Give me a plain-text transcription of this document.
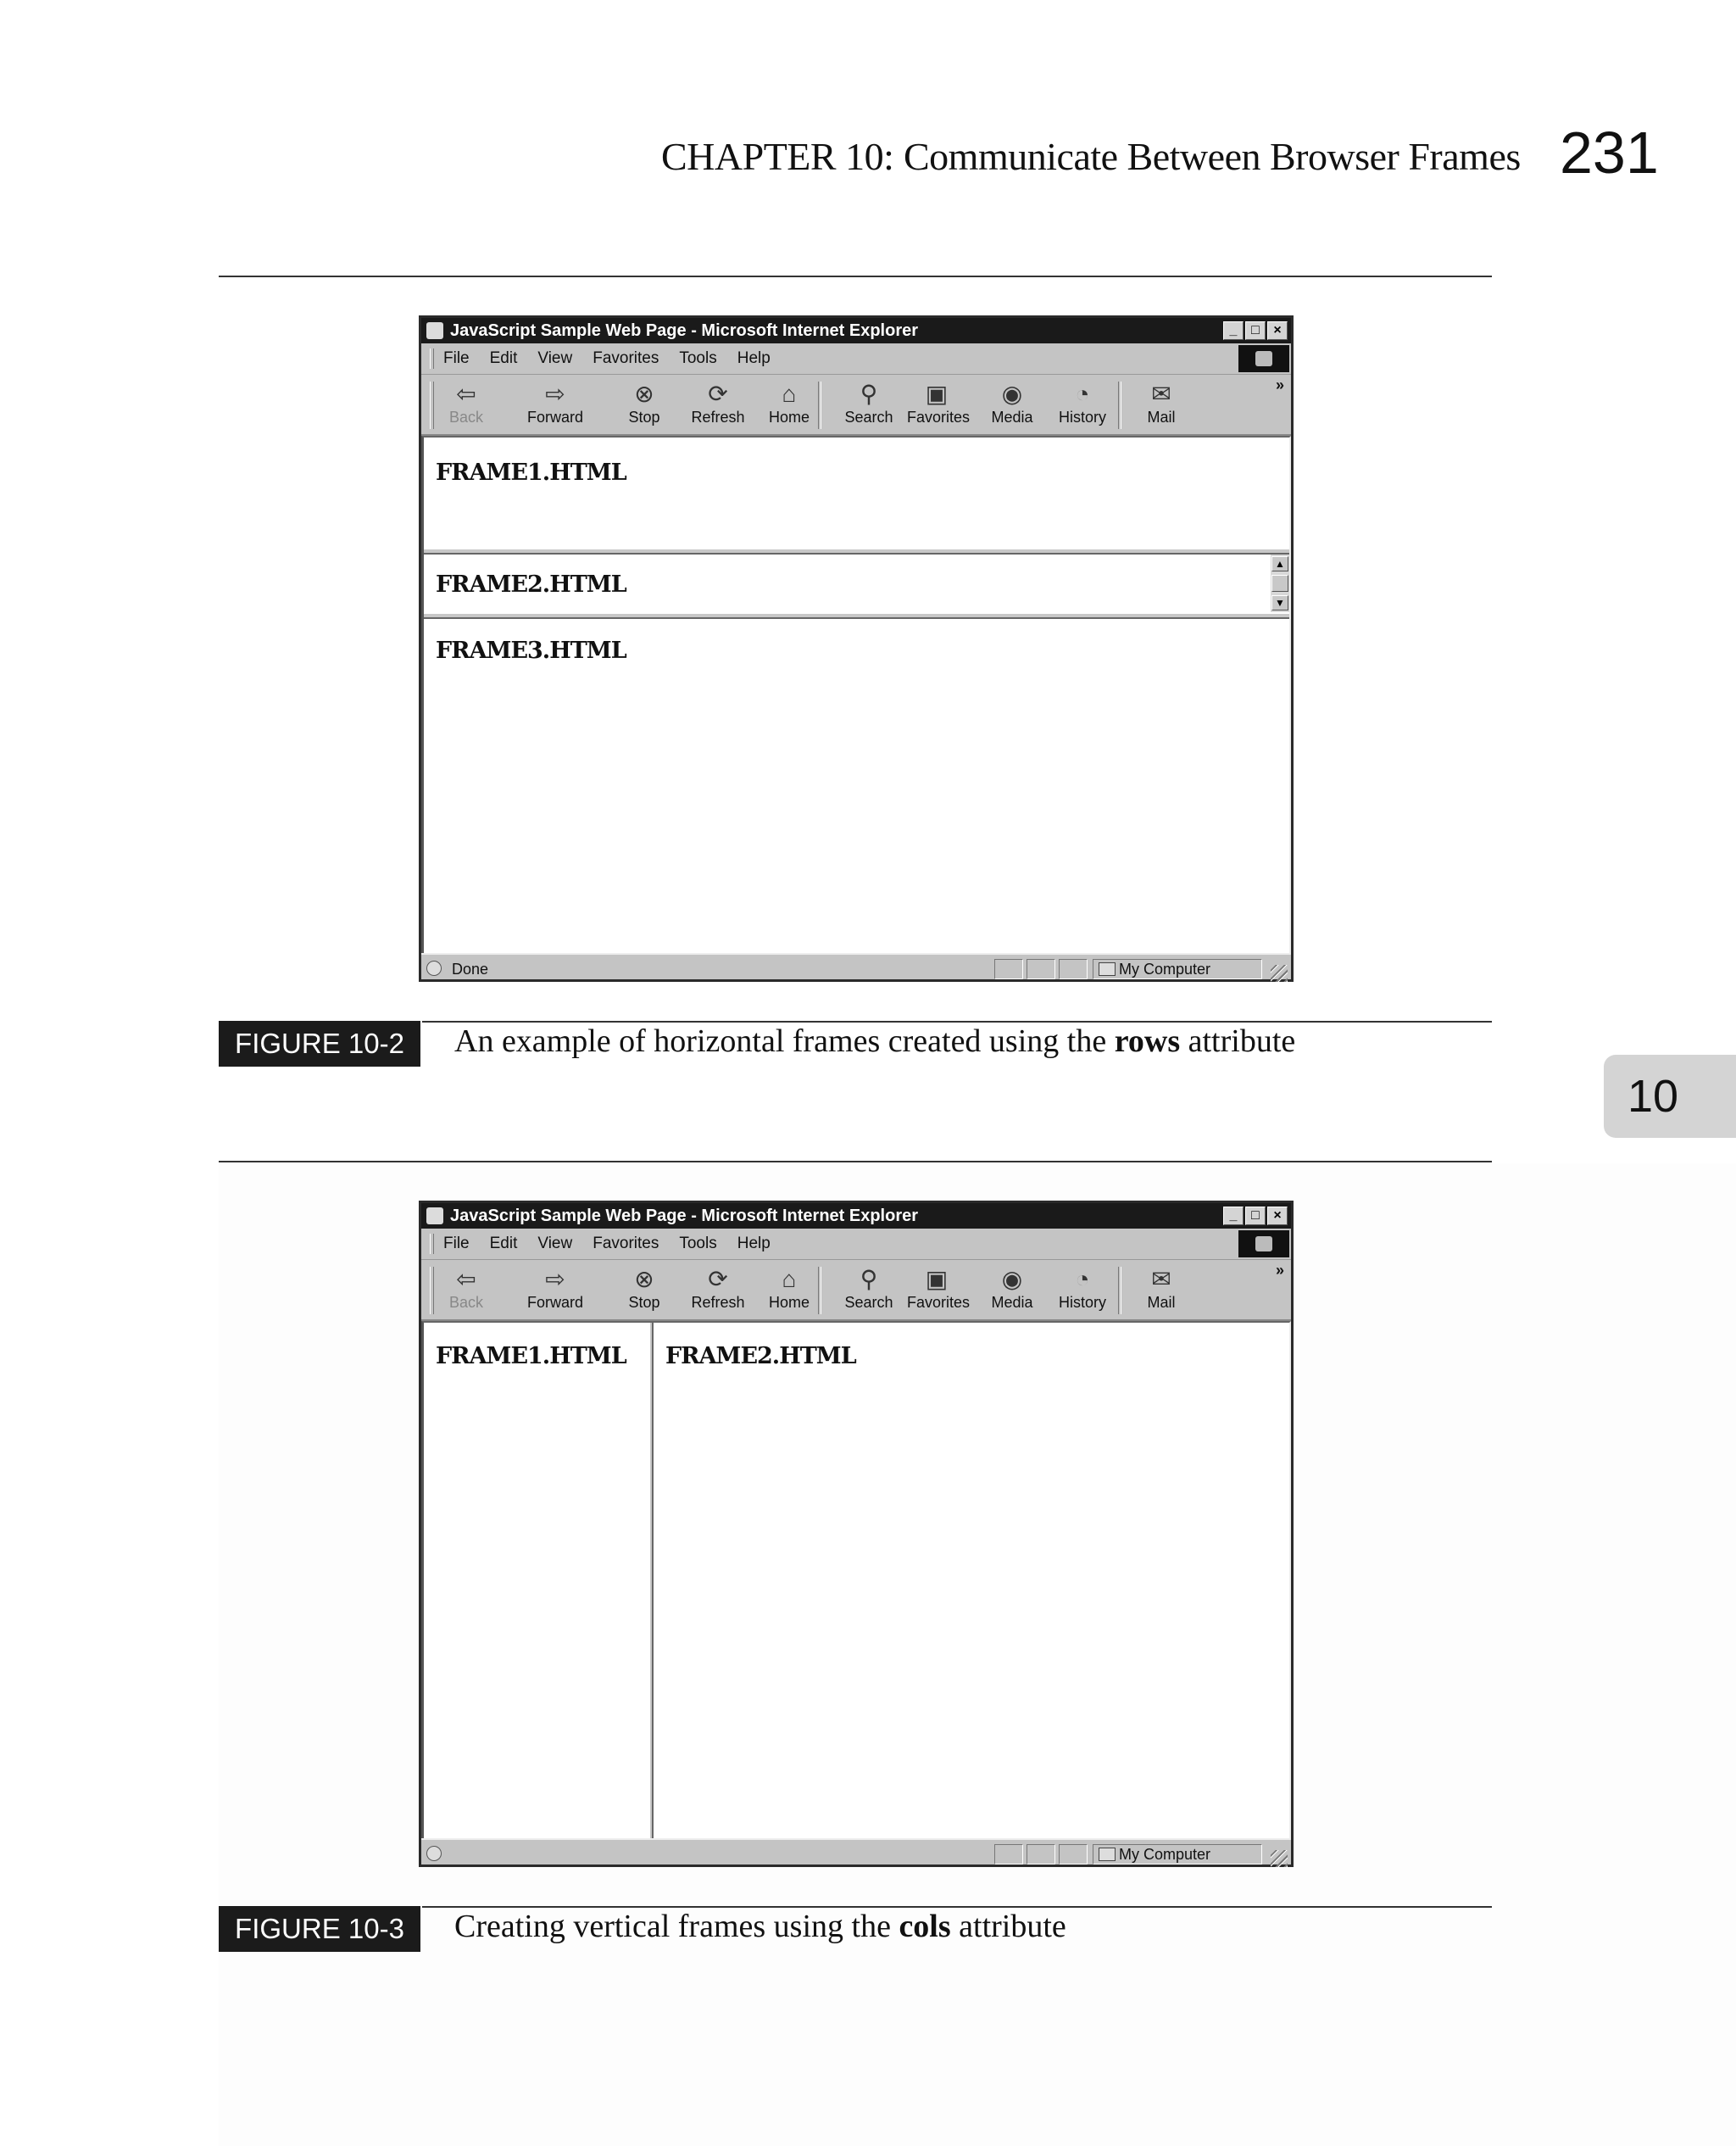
CHAPTER 10: Communicate Between Browser Frames 231
JavaScript Sample Web Page - Microsoft Internet Explorer	_	□	×
File Edit View Favorites Tools Help
⇦
Back
⇨
Forward
⊗
Stop
⟳
Refresh
⌂
Home
⚲
Search
▣
Favorites
◉
Media
◔
History
✉
Mail
»
FRAME1.HTML
FRAME2.HTML
▲
▼
FRAME3.HTML
Done	My Computer
FIGURE 10-2	An example of horizontal frames created using the rows attribute
10
JavaScript Sample Web Page - Microsoft Internet Explorer	_	□	×
File Edit View Favorites Tools Help
⇦
Back
⇨
Forward
⊗
Stop
⟳
Refresh
⌂
Home
⚲
Search
▣
Favorites
◉
Media
◔
History
✉
Mail
»
FRAME1.HTML FRAME2.HTML
My Computer
FIGURE 10-3	Creating vertical frames using the cols attribute
